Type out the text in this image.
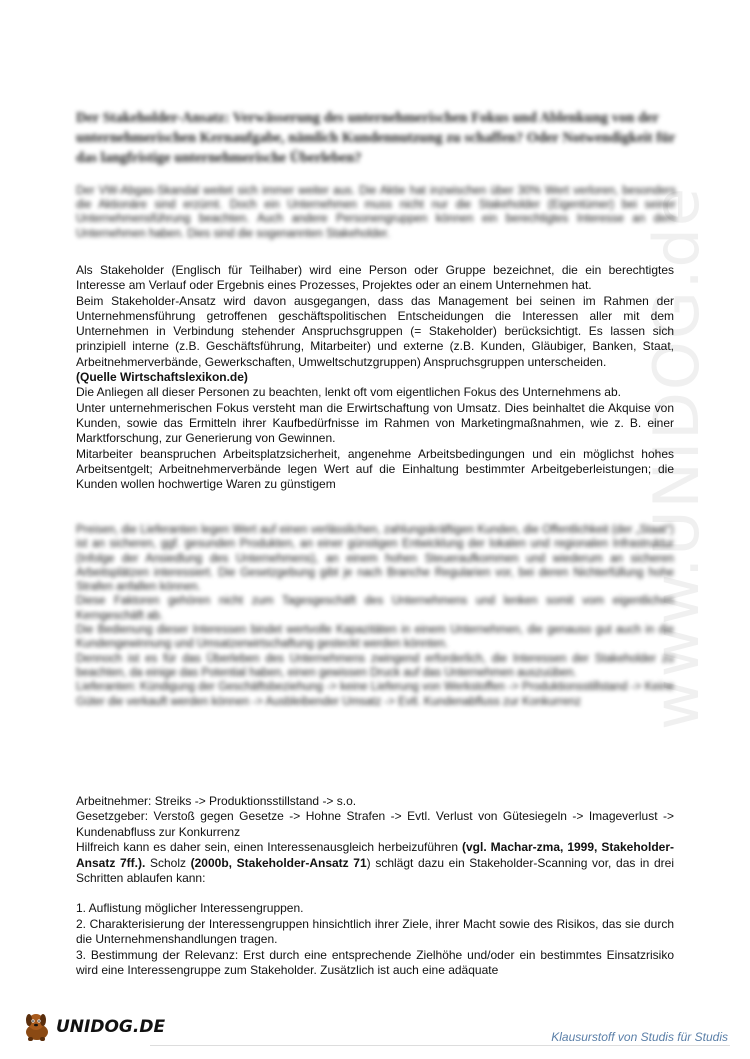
www.UNIDOG.de
Der Stakeholder-Ansatz: Verwässerung des unternehmerischen Fokus und Ablenkung von der unternehmerischen Kernaufgabe, nämlich Kundennutzung zu schaffen? Oder Notwendigkeit für das langfristige unternehmerische Überleben?
Der VW-Abgas-Skandal weitet sich immer weiter aus. Die Aktie hat inzwischen über 30% Wert verloren, besonders die Aktionäre sind erzürnt. Doch ein Unternehmen muss nicht nur die Stakeholder (Eigentümer) bei seiner Unternehmensführung beachten. Auch andere Personengruppen können ein berechtigtes Interesse an dem Unternehmen haben. Dies sind die sogenannten Stakeholder.

Als Stakeholder (Englisch für Teilhaber) wird eine Person oder Gruppe bezeichnet, die ein berechtigtes Interesse am Verlauf oder Ergebnis eines Prozesses, Projektes oder an einem Unternehmen hat.

Beim Stakeholder-Ansatz wird davon ausgegangen, dass das Management bei seinen im Rahmen der Unternehmensführung getroffenen geschäftspolitischen Entscheidungen die Interessen aller mit dem Unternehmen in Verbindung stehender Anspruchsgruppen (= Stakeholder) berücksichtigt. Es lassen sich prinzipiell interne (z.B. Geschäftsführung, Mitarbeiter) und externe (z.B. Kunden, Gläubiger, Banken, Staat, Arbeitnehmerverbände, Gewerkschaften, Umweltschutzgruppen) Anspruchsgruppen unterscheiden.

(Quelle Wirtschaftslexikon.de)

Die Anliegen all dieser Personen zu beachten, lenkt oft vom eigentlichen Fokus des Unternehmens ab.

Unter unternehmerischen Fokus versteht man die Erwirtschaftung von Umsatz. Dies beinhaltet die Akquise von Kunden, sowie das Ermitteln ihrer Kaufbedürfnisse im Rahmen von Marketingmaßnahmen, wie z. B. einer Marktforschung, zur Generierung von Gewinnen.

Mitarbeiter beanspruchen Arbeitsplatzsicherheit, angenehme Arbeitsbedingungen und ein möglichst hohes Arbeitsentgelt; Arbeitnehmerverbände legen Wert auf die Einhaltung bestimmter Arbeitgeberleistungen; die Kunden wollen hochwertige Waren zu günstigem

Preisen, die Lieferanten legen Wert auf einen verlässlichen, zahlungskräftigen Kunden, die Öffentlichkeit (der „Staat“) ist an sicheren, ggf. gesunden Produkten, an einer günstigen Entwicklung der lokalen und regionalen Infrastruktur (Infolge der Ansiedlung des Unternehmens), an einem hohen Steueraufkommen und wiederum an sicheren Arbeitsplätzen interessiert. Die Gesetzgebung gibt je nach Branche Regularien vor, bei deren Nichterfüllung hohe Strafen anfallen können.

Diese Faktoren gehören nicht zum Tagesgeschäft des Unternehmens und lenken somit vom eigentlichen Kerngeschäft ab.

Die Bedienung dieser Interessen bindet wertvolle Kapazitäten in einem Unternehmen, die genauso gut auch in die Kundengewinnung und Umsatzerwirtschaftung gesteckt werden könnten.

Dennoch ist es für das Überleben des Unternehmens zwingend erforderlich, die Interessen der Stakeholder zu beachten, da einige das Potential haben, einen gewissen Druck auf das Unternehmen auszuüben.

Lieferanten: Kündigung der Geschäftsbeziehung -> keine Lieferung von Werkstoffen -> Produktionsstillstand -> Keine Güter die verkauft werden können -> Ausbleibender Umsatz -> Evtl. Kundenabfluss zur Konkurrenz

Arbeitnehmer: Streiks -> Produktionsstillstand -> s.o.

Gesetzgeber: Verstoß gegen Gesetze -> Hohne Strafen -> Evtl. Verlust von Gütesiegeln -> Imageverlust -> Kundenabfluss zur Konkurrenz

Hilfreich kann es daher sein, einen Interessenausgleich herbeizuführen (vgl. Machar-zma, 1999, Stakeholder-Ansatz 7ff.). Scholz (2000b, Stakeholder-Ansatz 71) schlägt dazu ein Stakeholder-Scanning vor, das in drei Schritten ablaufen kann:

1. Auflistung möglicher Interessengruppen.

2. Charakterisierung der Interessengruppen hinsichtlich ihrer Ziele, ihrer Macht sowie des Risikos, das sie durch die Unternehmenshandlungen tragen.

3. Bestimmung der Relevanz: Erst durch eine entsprechende Zielhöhe und/oder ein bestimmtes Einsatzrisiko wird eine Interessengruppe zum Stakeholder. Zusätzlich ist auch eine adäquate

UNIDOG.DE	Klausurstoff von Studis für Studis
